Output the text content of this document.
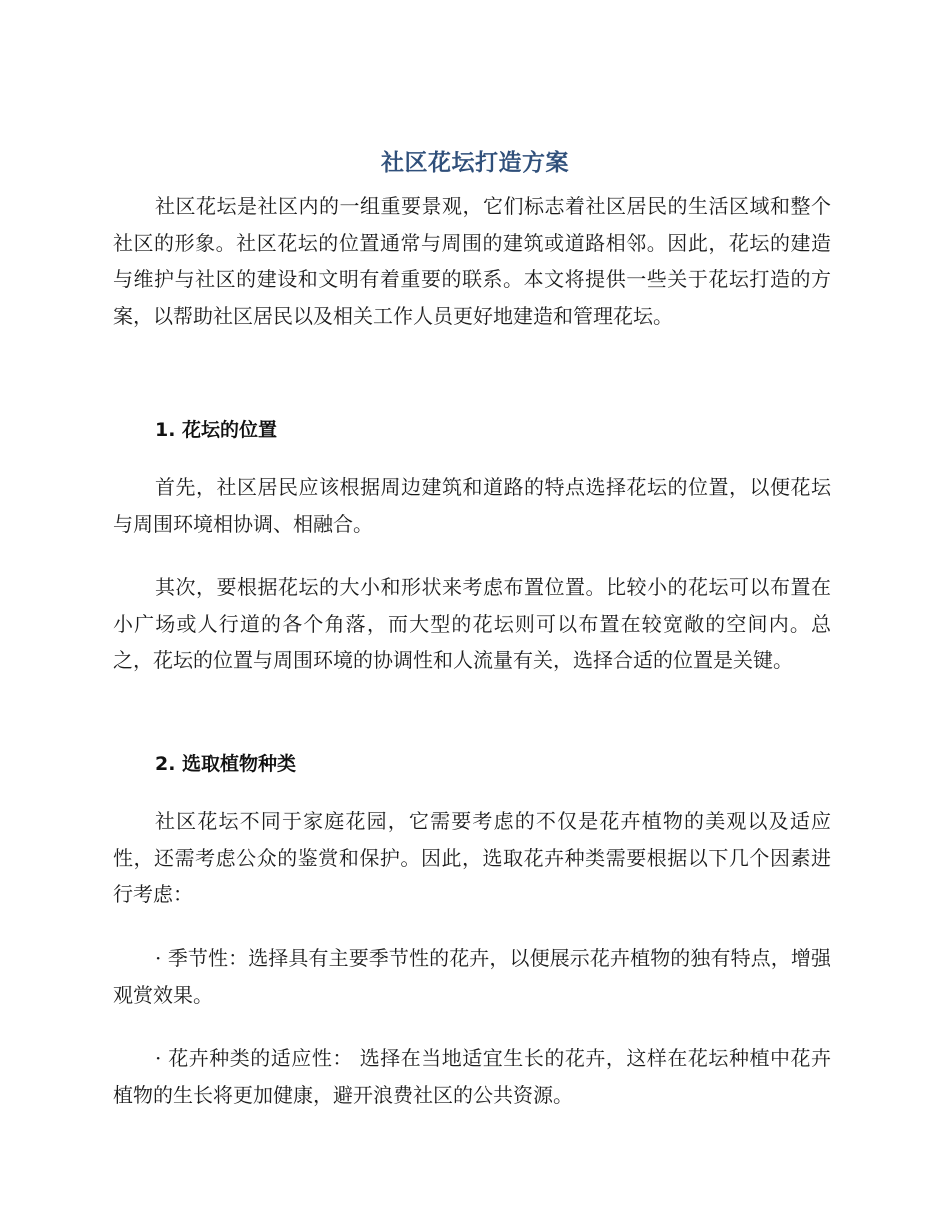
社区花坛打造方案

社区花坛是社区内的一组重要景观，它们标志着社区居民的生活区域和整个社区的形象。社区花坛的位置通常与周围的建筑或道路相邻。因此，花坛的建造与维护与社区的建设和文明有着重要的联系。本文将提供一些关于花坛打造的方案，以帮助社区居民以及相关工作人员更好地建造和管理花坛。

1. 花坛的位置

首先，社区居民应该根据周边建筑和道路的特点选择花坛的位置，以便花坛与周围环境相协调、相融合。

其次，要根据花坛的大小和形状来考虑布置位置。比较小的花坛可以布置在小广场或人行道的各个角落，而大型的花坛则可以布置在较宽敞的空间内。总之，花坛的位置与周围环境的协调性和人流量有关，选择合适的位置是关键。

2. 选取植物种类

社区花坛不同于家庭花园，它需要考虑的不仅是花卉植物的美观以及适应性，还需考虑公众的鉴赏和保护。因此，选取花卉种类需要根据以下几个因素进行考虑：

· 季节性：选择具有主要季节性的花卉，以便展示花卉植物的独有特点，增强观赏效果。

· 花卉种类的适应性： 选择在当地适宜生长的花卉，这样在花坛种植中花卉植物的生长将更加健康，避开浪费社区的公共资源。
